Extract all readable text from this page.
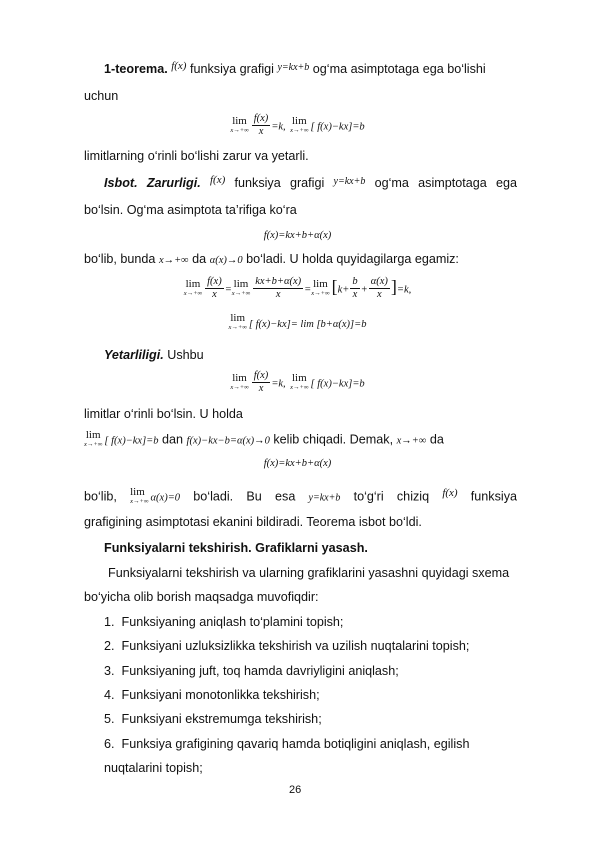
1-teorema. f(x) funksiya grafigi $^{y=kx+b}$ og‘ma asimptotaga ega bo‘lishi
uchun
lim
$x\to+\infty \frac{f(x)}{x} =k$,
lim
x→+∞ [ f(x)−kx]=b
limitlarning o‘rinli bo‘lishi zarur va yetarli.
Isbot. Zarurligi. f(x) funksiya grafigi $^{y=kx+b}$ og‘ma asimptotaga ega
bo‘lsin. Og‘ma asimptota ta’rifiga ko‘ra
f(x)=kx+b+α(x)
bo‘lib, bunda x→+∞ da α(x)→0 bo‘ladi. U holda quyidagilarga egamiz:
lim
$x\to+\infty \frac{f(x)}{x}$ =
lim
$x\to+\infty \frac{kx+b+\alpha(x)}{x}$ =
lim
x→+∞ $[k+ \frac{b}{x} + \frac{\alpha(x)}{x} ]=k$,
lim
x→+∞ [ f(x)−kx]= lim [b+α(x)]=b
Yetarliligi. Ushbu
lim
$x\to+\infty \frac{f(x)}{x} =k$,
lim
x→+∞ [ f(x)−kx]=b
limitlar o‘rinli bo‘lsin. U holda
lim
x→+∞ [ f(x)−kx]=b dan f(x)−kx−b=α(x)→0 kelib chiqadi. Demak, x→+∞ da
f(x)=kx+b+α(x)
bo‘lib, lim
x→+∞ α(x)=0 bo‘ladi. Bu esa y=kx+b to‘g‘ri chiziq f(x) funksiya
grafigining asimptotasi ekanini bildiradi. Teorema isbot bo‘ldi.
Funksiyalarni tekshirish. Grafiklarni yasash.
Funksiyalarni tekshirish va ularning grafiklarini yasashni quyidagi sxema
bo‘yicha olib borish maqsadga muvofiqdir:
1. Funksiyaning aniqlash to‘plamini topish;
2. Funksiyani uzluksizlikka tekshirish va uzilish nuqtalarini topish;
3. Funksiyaning juft, toq hamda davriyligini aniqlash;
4. Funksiyani monotonlikka tekshirish;
5. Funksiyani ekstremumga tekshirish;
6. Funksiya grafigining qavariq hamda botiqligini aniqlash, egilish
nuqtalarini topish;
26
